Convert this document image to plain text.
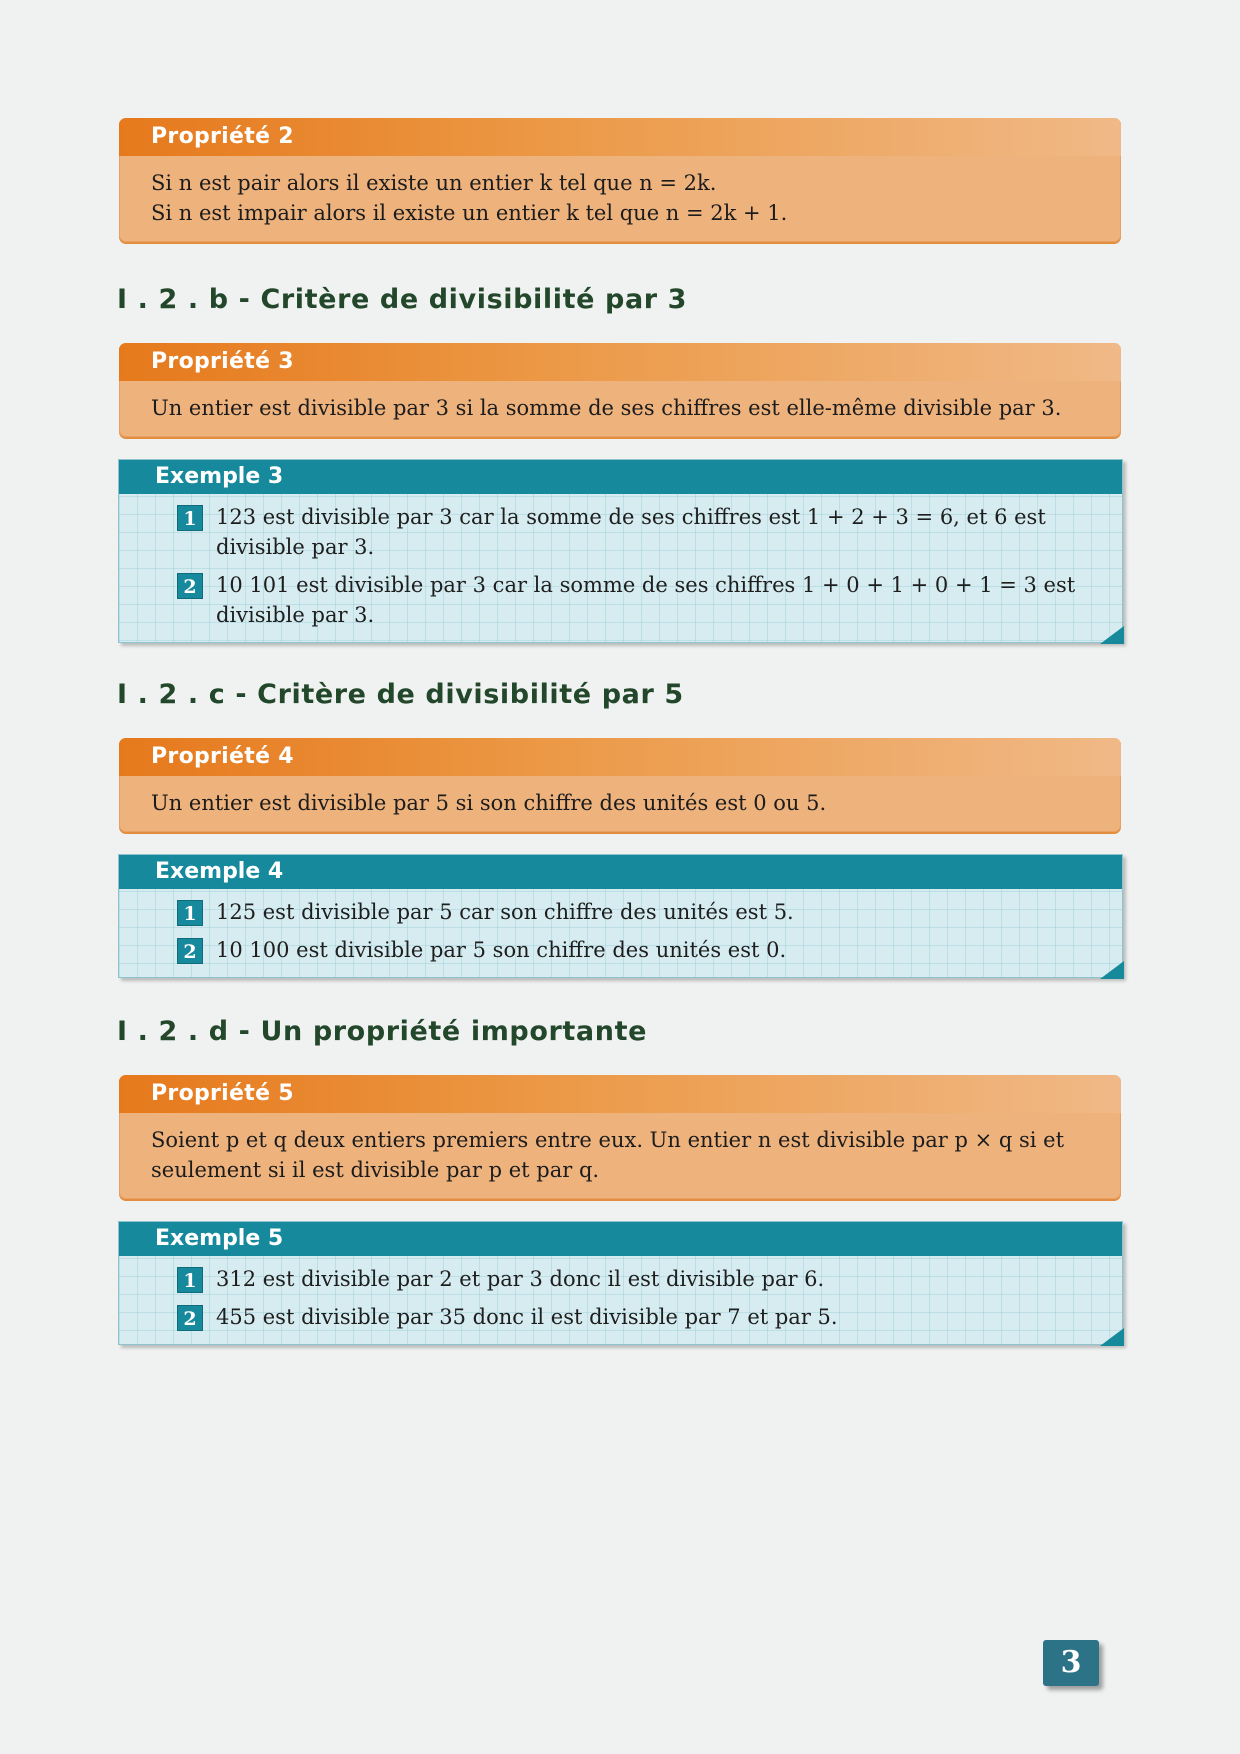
Propriété 2
Si n est pair alors il existe un entier k tel que n = 2k.
Si n est impair alors il existe un entier k tel que n = 2k + 1.
I . 2 . b - Critère de divisibilité par 3
Propriété 3
Un entier est divisible par 3 si la somme de ses chiffres est elle-même divisible par 3.
Exemple 3
1 123 est divisible par 3 car la somme de ses chiffres est 1 + 2 + 3 = 6, et 6 est divisible par 3.
2 10 101 est divisible par 3 car la somme de ses chiffres 1 + 0 + 1 + 0 + 1 = 3 est divisible par 3.
I . 2 . c - Critère de divisibilité par 5
Propriété 4
Un entier est divisible par 5 si son chiffre des unités est 0 ou 5.
Exemple 4
1 125 est divisible par 5 car son chiffre des unités est 5.
2 10 100 est divisible par 5 son chiffre des unités est 0.
I . 2 . d - Un propriété importante
Propriété 5
Soient p et q deux entiers premiers entre eux. Un entier n est divisible par p × q si et seulement si il est divisible par p et par q.
Exemple 5
1 312 est divisible par 2 et par 3 donc il est divisible par 6.
2 455 est divisible par 35 donc il est divisible par 7 et par 5.
3
